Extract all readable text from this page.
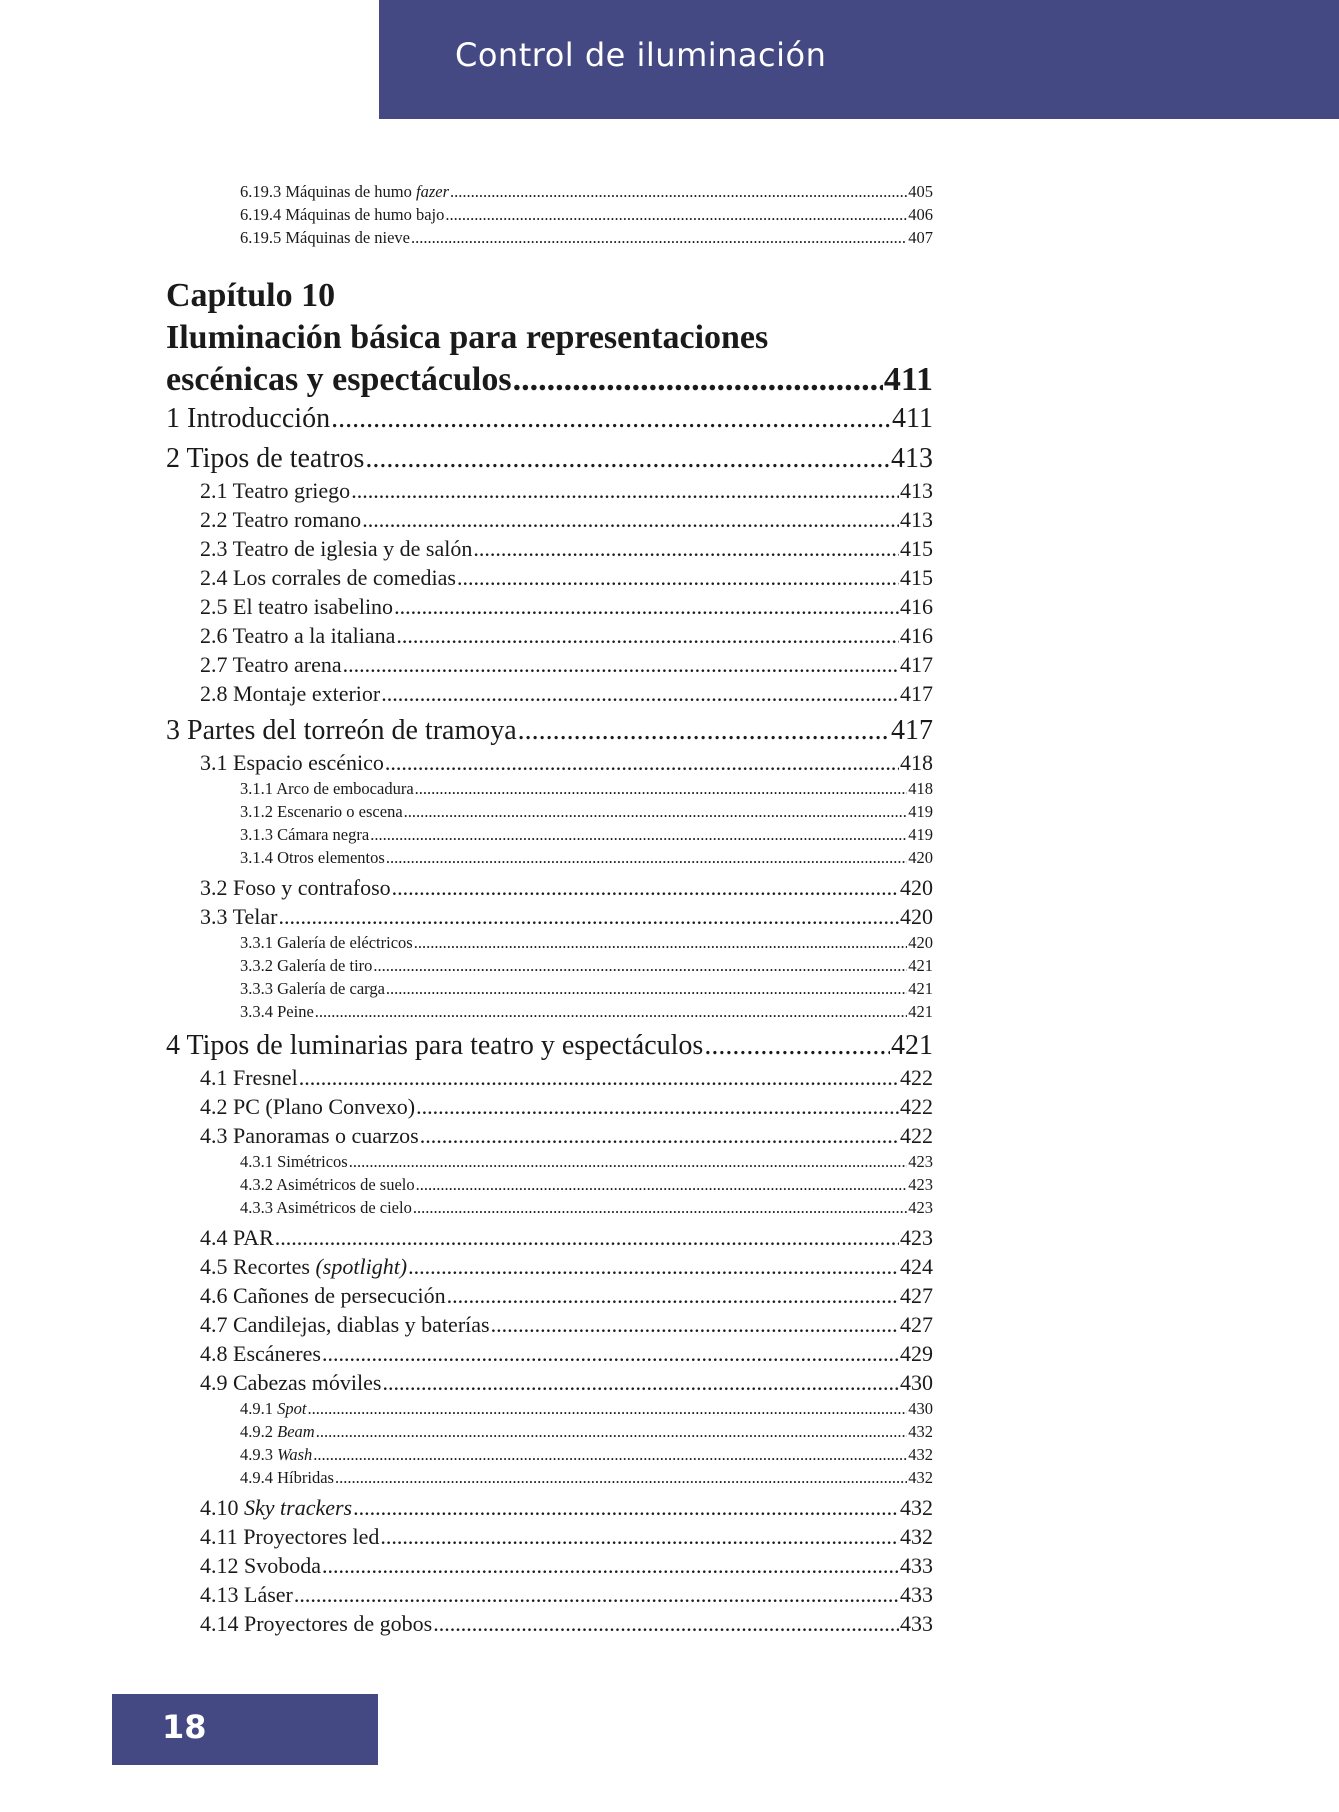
Control de iluminación
6.19.3 Máquinas de humo fazer .....	405
6.19.4 Máquinas de humo bajo .....	406
6.19.5 Máquinas de nieve .....	407
Capítulo 10
Iluminación básica para representaciones
escénicas y espectáculos .....	411
1 Introducción .....	411
2 Tipos de teatros .....	413
2.1 Teatro griego .....	413
2.2 Teatro romano .....	413
2.3 Teatro de iglesia y de salón .....	415
2.4 Los corrales de comedias .....	415
2.5 El teatro isabelino .....	416
2.6 Teatro a la italiana .....	416
2.7 Teatro arena .....	417
2.8 Montaje exterior .....	417
3 Partes del torreón de tramoya .....	417
3.1 Espacio escénico .....	418
3.1.1 Arco de embocadura .....	418
3.1.2 Escenario o escena .....	419
3.1.3 Cámara negra .....	419
3.1.4 Otros elementos .....	420
3.2 Foso y contrafoso .....	420
3.3 Telar .....	420
3.3.1 Galería de eléctricos .....	420
3.3.2 Galería de tiro .....	421
3.3.3 Galería de carga .....	421
3.3.4 Peine .....	421
4 Tipos de luminarias para teatro y espectáculos .....	421
4.1 Fresnel .....	422
4.2 PC (Plano Convexo) .....	422
4.3 Panoramas o cuarzos .....	422
4.3.1 Simétricos .....	423
4.3.2 Asimétricos de suelo .....	423
4.3.3 Asimétricos de cielo .....	423
4.4 PAR .....	423
4.5 Recortes (spotlight) .....	424
4.6 Cañones de persecución .....	427
4.7 Candilejas, diablas y baterías .....	427
4.8 Escáneres .....	429
4.9 Cabezas móviles .....	430
4.9.1 Spot .....	430
4.9.2 Beam .....	432
4.9.3 Wash .....	432
4.9.4 Híbridas .....	432
4.10 Sky trackers .....	432
4.11 Proyectores led .....	432
4.12 Svoboda .....	433
4.13 Láser .....	433
4.14 Proyectores de gobos .....	433
18
